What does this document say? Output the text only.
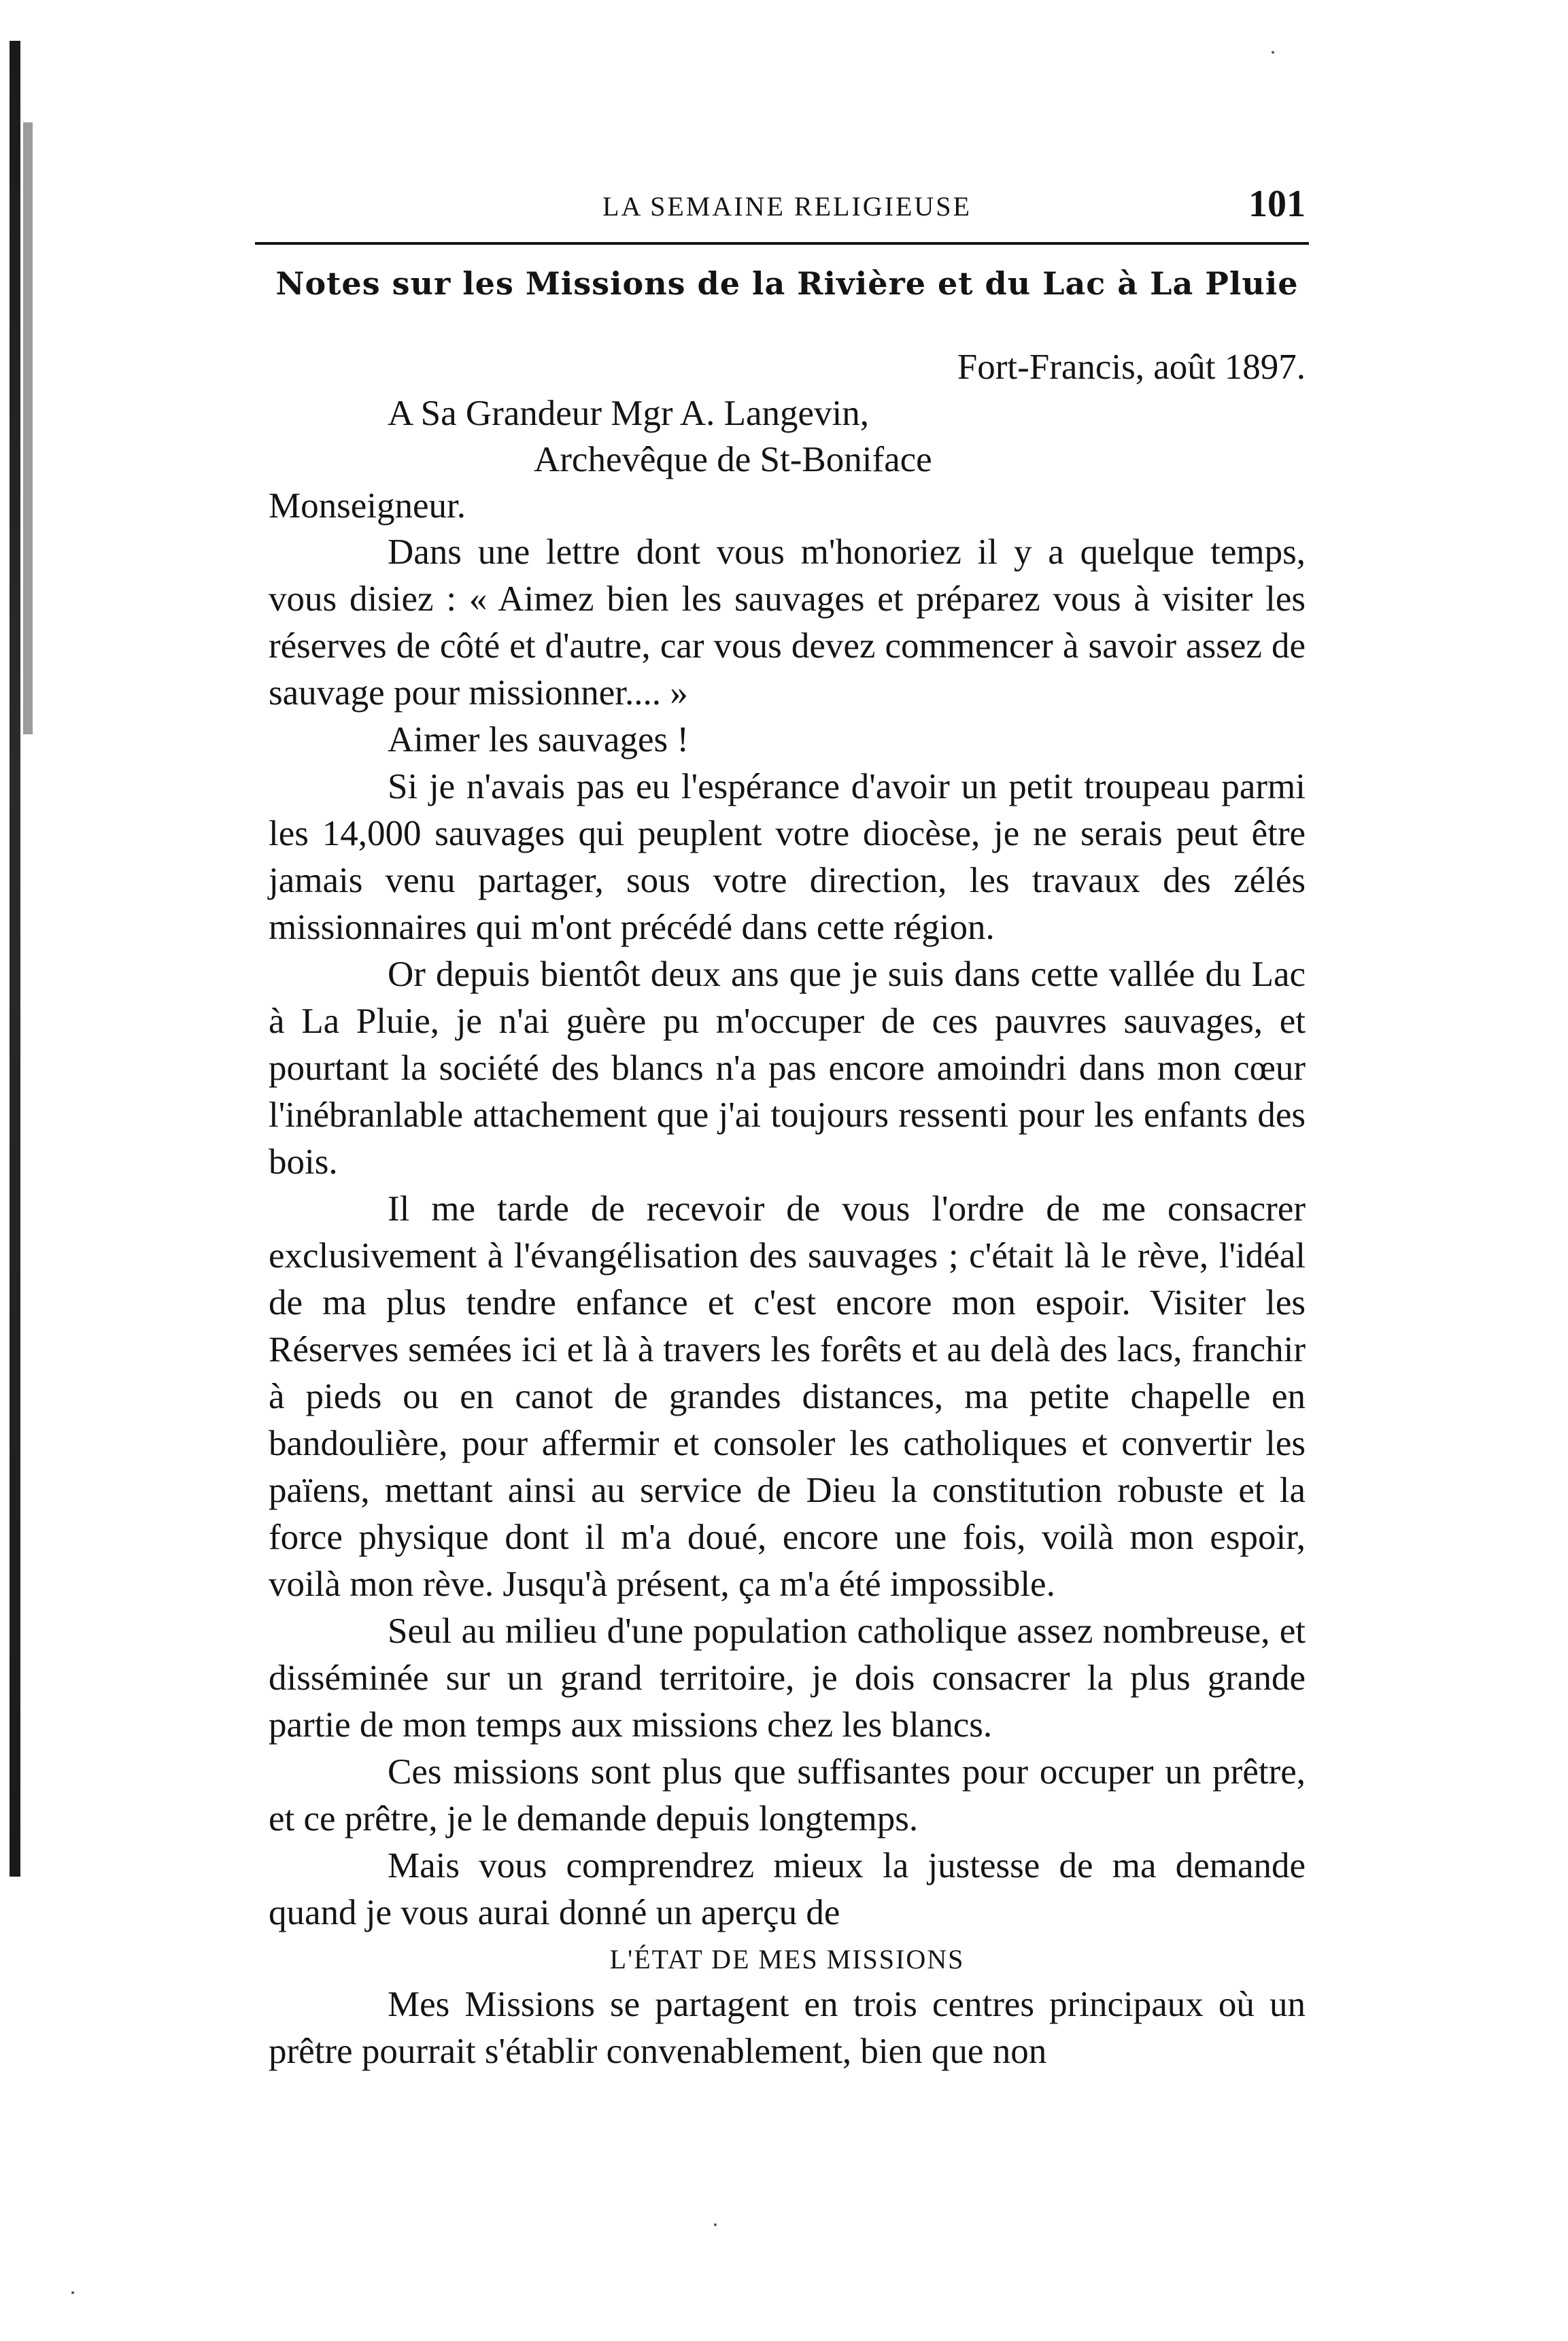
LA SEMAINE RELIGIEUSE	101
Notes sur les Missions de la Rivière et du Lac à La Pluie
Fort-Francis, août 1897.
A Sa Grandeur Mgr A. Langevin,
Archevêque de St-Boniface
Monseigneur.

Dans une lettre dont vous m'honoriez il y a quelque temps, vous disiez : « Aimez bien les sauvages et préparez vous à visiter les réserves de côté et d'autre, car vous devez commencer à savoir assez de sauvage pour missionner.... »

Aimer les sauvages !

Si je n'avais pas eu l'espérance d'avoir un petit troupeau parmi les 14,000 sauvages qui peuplent votre diocèse, je ne serais peut être jamais venu partager, sous votre direction, les travaux des zélés missionnaires qui m'ont précédé dans cette région.

Or depuis bientôt deux ans que je suis dans cette vallée du Lac à La Pluie, je n'ai guère pu m'occuper de ces pauvres sauvages, et pourtant la société des blancs n'a pas encore amoindri dans mon cœur l'inébranlable attachement que j'ai toujours ressenti pour les enfants des bois.

Il me tarde de recevoir de vous l'ordre de me consacrer exclusivement à l'évangélisation des sauvages ; c'était là le rève, l'idéal de ma plus tendre enfance et c'est encore mon espoir. Visiter les Réserves semées ici et là à travers les forêts et au delà des lacs, franchir à pieds ou en canot de grandes distances, ma petite chapelle en bandoulière, pour affermir et consoler les catholiques et convertir les païens, mettant ainsi au service de Dieu la constitution robuste et la force physique dont il m'a doué, encore une fois, voilà mon espoir, voilà mon rève. Jusqu'à présent, ça m'a été impossible.

Seul au milieu d'une population catholique assez nombreuse, et disséminée sur un grand territoire, je dois consacrer la plus grande partie de mon temps aux missions chez les blancs.

Ces missions sont plus que suffisantes pour occuper un prêtre, et ce prêtre, je le demande depuis longtemps.

Mais vous comprendrez mieux la justesse de ma demande quand je vous aurai donné un aperçu de

L'ÉTAT DE MES MISSIONS

Mes Missions se partagent en trois centres principaux où un prêtre pourrait s'établir convenablement, bien que non
